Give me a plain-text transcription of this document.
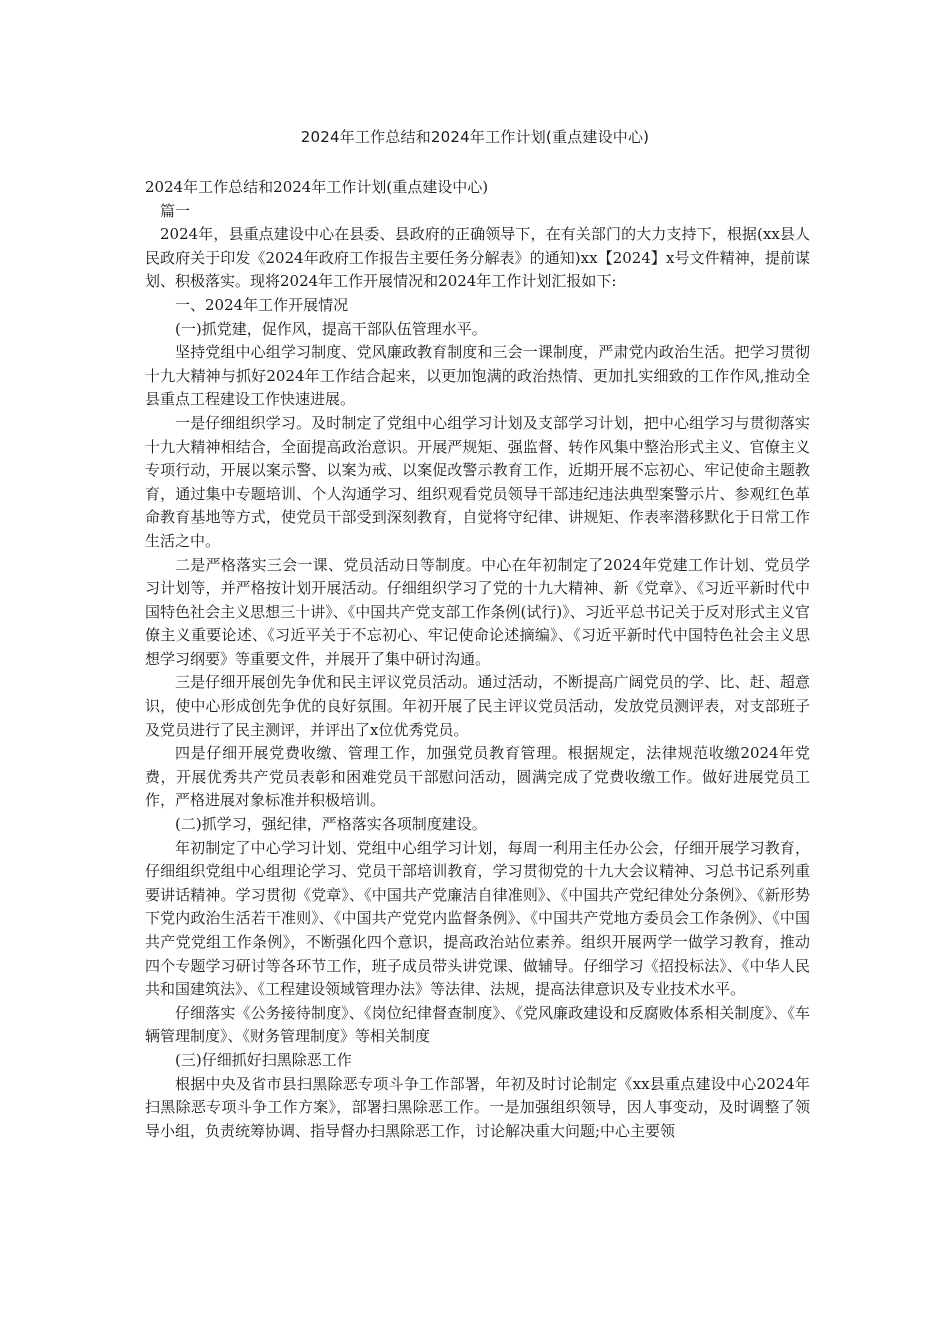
2024年工作总结和2024年工作计划(重点建设中心)

2024年工作总结和2024年工作计划(重点建设中心)

篇一

2024年，县重点建设中心在县委、县政府的正确领导下，在有关部门的大力支持下，根据(xx县人民政府关于印发《2024年政府工作报告主要任务分解表》的通知)xx【2024】x号文件精神，提前谋划、积极落实。现将2024年工作开展情况和2024年工作计划汇报如下:

一、2024年工作开展情况

(一)抓党建，促作风，提高干部队伍管理水平。

坚持党组中心组学习制度、党风廉政教育制度和三会一课制度，严肃党内政治生活。把学习贯彻十九大精神与抓好2024年工作结合起来，以更加饱满的政治热情、更加扎实细致的工作作风,推动全县重点工程建设工作快速进展。

一是仔细组织学习。及时制定了党组中心组学习计划及支部学习计划，把中心组学习与贯彻落实十九大精神相结合，全面提高政治意识。开展严规矩、强监督、转作风集中整治形式主义、官僚主义专项行动，开展以案示警、以案为戒、以案促改警示教育工作，近期开展不忘初心、牢记使命主题教育，通过集中专题培训、个人沟通学习、组织观看党员领导干部违纪违法典型案警示片、参观红色革命教育基地等方式，使党员干部受到深刻教育，自觉将守纪律、讲规矩、作表率潜移默化于日常工作生活之中。

二是严格落实三会一课、党员活动日等制度。中心在年初制定了2024年党建工作计划、党员学习计划等，并严格按计划开展活动。仔细组织学习了党的十九大精神、新《党章》、《习近平新时代中国特色社会主义思想三十讲》、《中国共产党支部工作条例(试行)》、习近平总书记关于反对形式主义官僚主义重要论述、《习近平关于不忘初心、牢记使命论述摘编》、《习近平新时代中国特色社会主义思想学习纲要》等重要文件，并展开了集中研讨沟通。

三是仔细开展创先争优和民主评议党员活动。通过活动，不断提高广阔党员的学、比、赶、超意识，使中心形成创先争优的良好氛围。年初开展了民主评议党员活动，发放党员测评表，对支部班子及党员进行了民主测评，并评出了x位优秀党员。

四是仔细开展党费收缴、管理工作，加强党员教育管理。根据规定，法律规范收缴2024年党费，开展优秀共产党员表彰和困难党员干部慰问活动，圆满完成了党费收缴工作。做好进展党员工作，严格进展对象标准并积极培训。

(二)抓学习，强纪律，严格落实各项制度建设。

年初制定了中心学习计划、党组中心组学习计划，每周一利用主任办公会，仔细开展学习教育，仔细组织党组中心组理论学习、党员干部培训教育，学习贯彻党的十九大会议精神、习总书记系列重要讲话精神。学习贯彻《党章》、《中国共产党廉洁自律准则》、《中国共产党纪律处分条例》、《新形势下党内政治生活若干准则》、《中国共产党党内监督条例》、《中国共产党地方委员会工作条例》、《中国共产党党组工作条例》，不断强化四个意识，提高政治站位素养。组织开展两学一做学习教育，推动四个专题学习研讨等各环节工作，班子成员带头讲党课、做辅导。仔细学习《招投标法》、《中华人民共和国建筑法》、《工程建设领域管理办法》等法律、法规，提高法律意识及专业技术水平。

仔细落实《公务接待制度》、《岗位纪律督查制度》、《党风廉政建设和反腐败体系相关制度》、《车辆管理制度》、《财务管理制度》等相关制度

(三)仔细抓好扫黑除恶工作

根据中央及省市县扫黑除恶专项斗争工作部署，年初及时讨论制定《xx县重点建设中心2024年扫黑除恶专项斗争工作方案》，部署扫黑除恶工作。一是加强组织领导，因人事变动，及时调整了领导小组，负责统筹协调、指导督办扫黑除恶工作，讨论解决重大问题;中心主要领
